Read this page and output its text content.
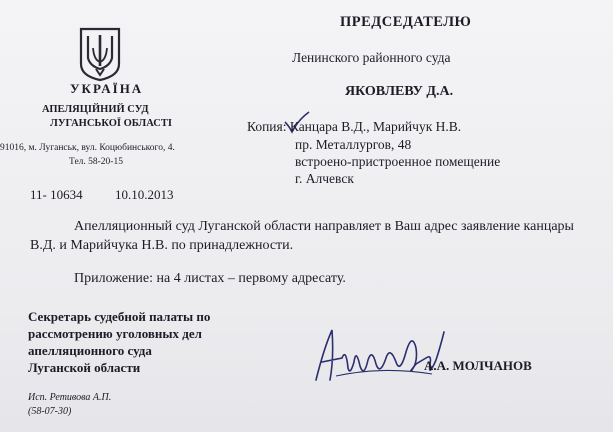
УКРАЇНА
АПЕЛЯЦІЙНИЙ СУД
ЛУГАНСЬКОЇ ОБЛАСТІ
91016, м. Луганськ, вул. Коцюбинського, 4.
Тел. 58-20-15
11- 10634 10.10.2013
ПРЕДСЕДАТЕЛЮ
Ленинского районного суда
ЯКОВЛЕВУ Д.А.
Копия: Канцара В.Д., Марийчук Н.В.
пр. Металлургов, 48
встроено-пристроенное помещение
г. Алчевск
Апелляционный суд Луганской области направляет в Ваш адрес заявление канцары
В.Д. и Марийчука Н.В. по принадлежности.
Приложение: на 4 листах – первому адресату.
Секретарь судебной палаты по
рассмотрению уголовных дел
апелляционного суда
Луганской области	А.А. МОЛЧАНОВ
Исп. Ретивова А.П.
(58-07-30)
